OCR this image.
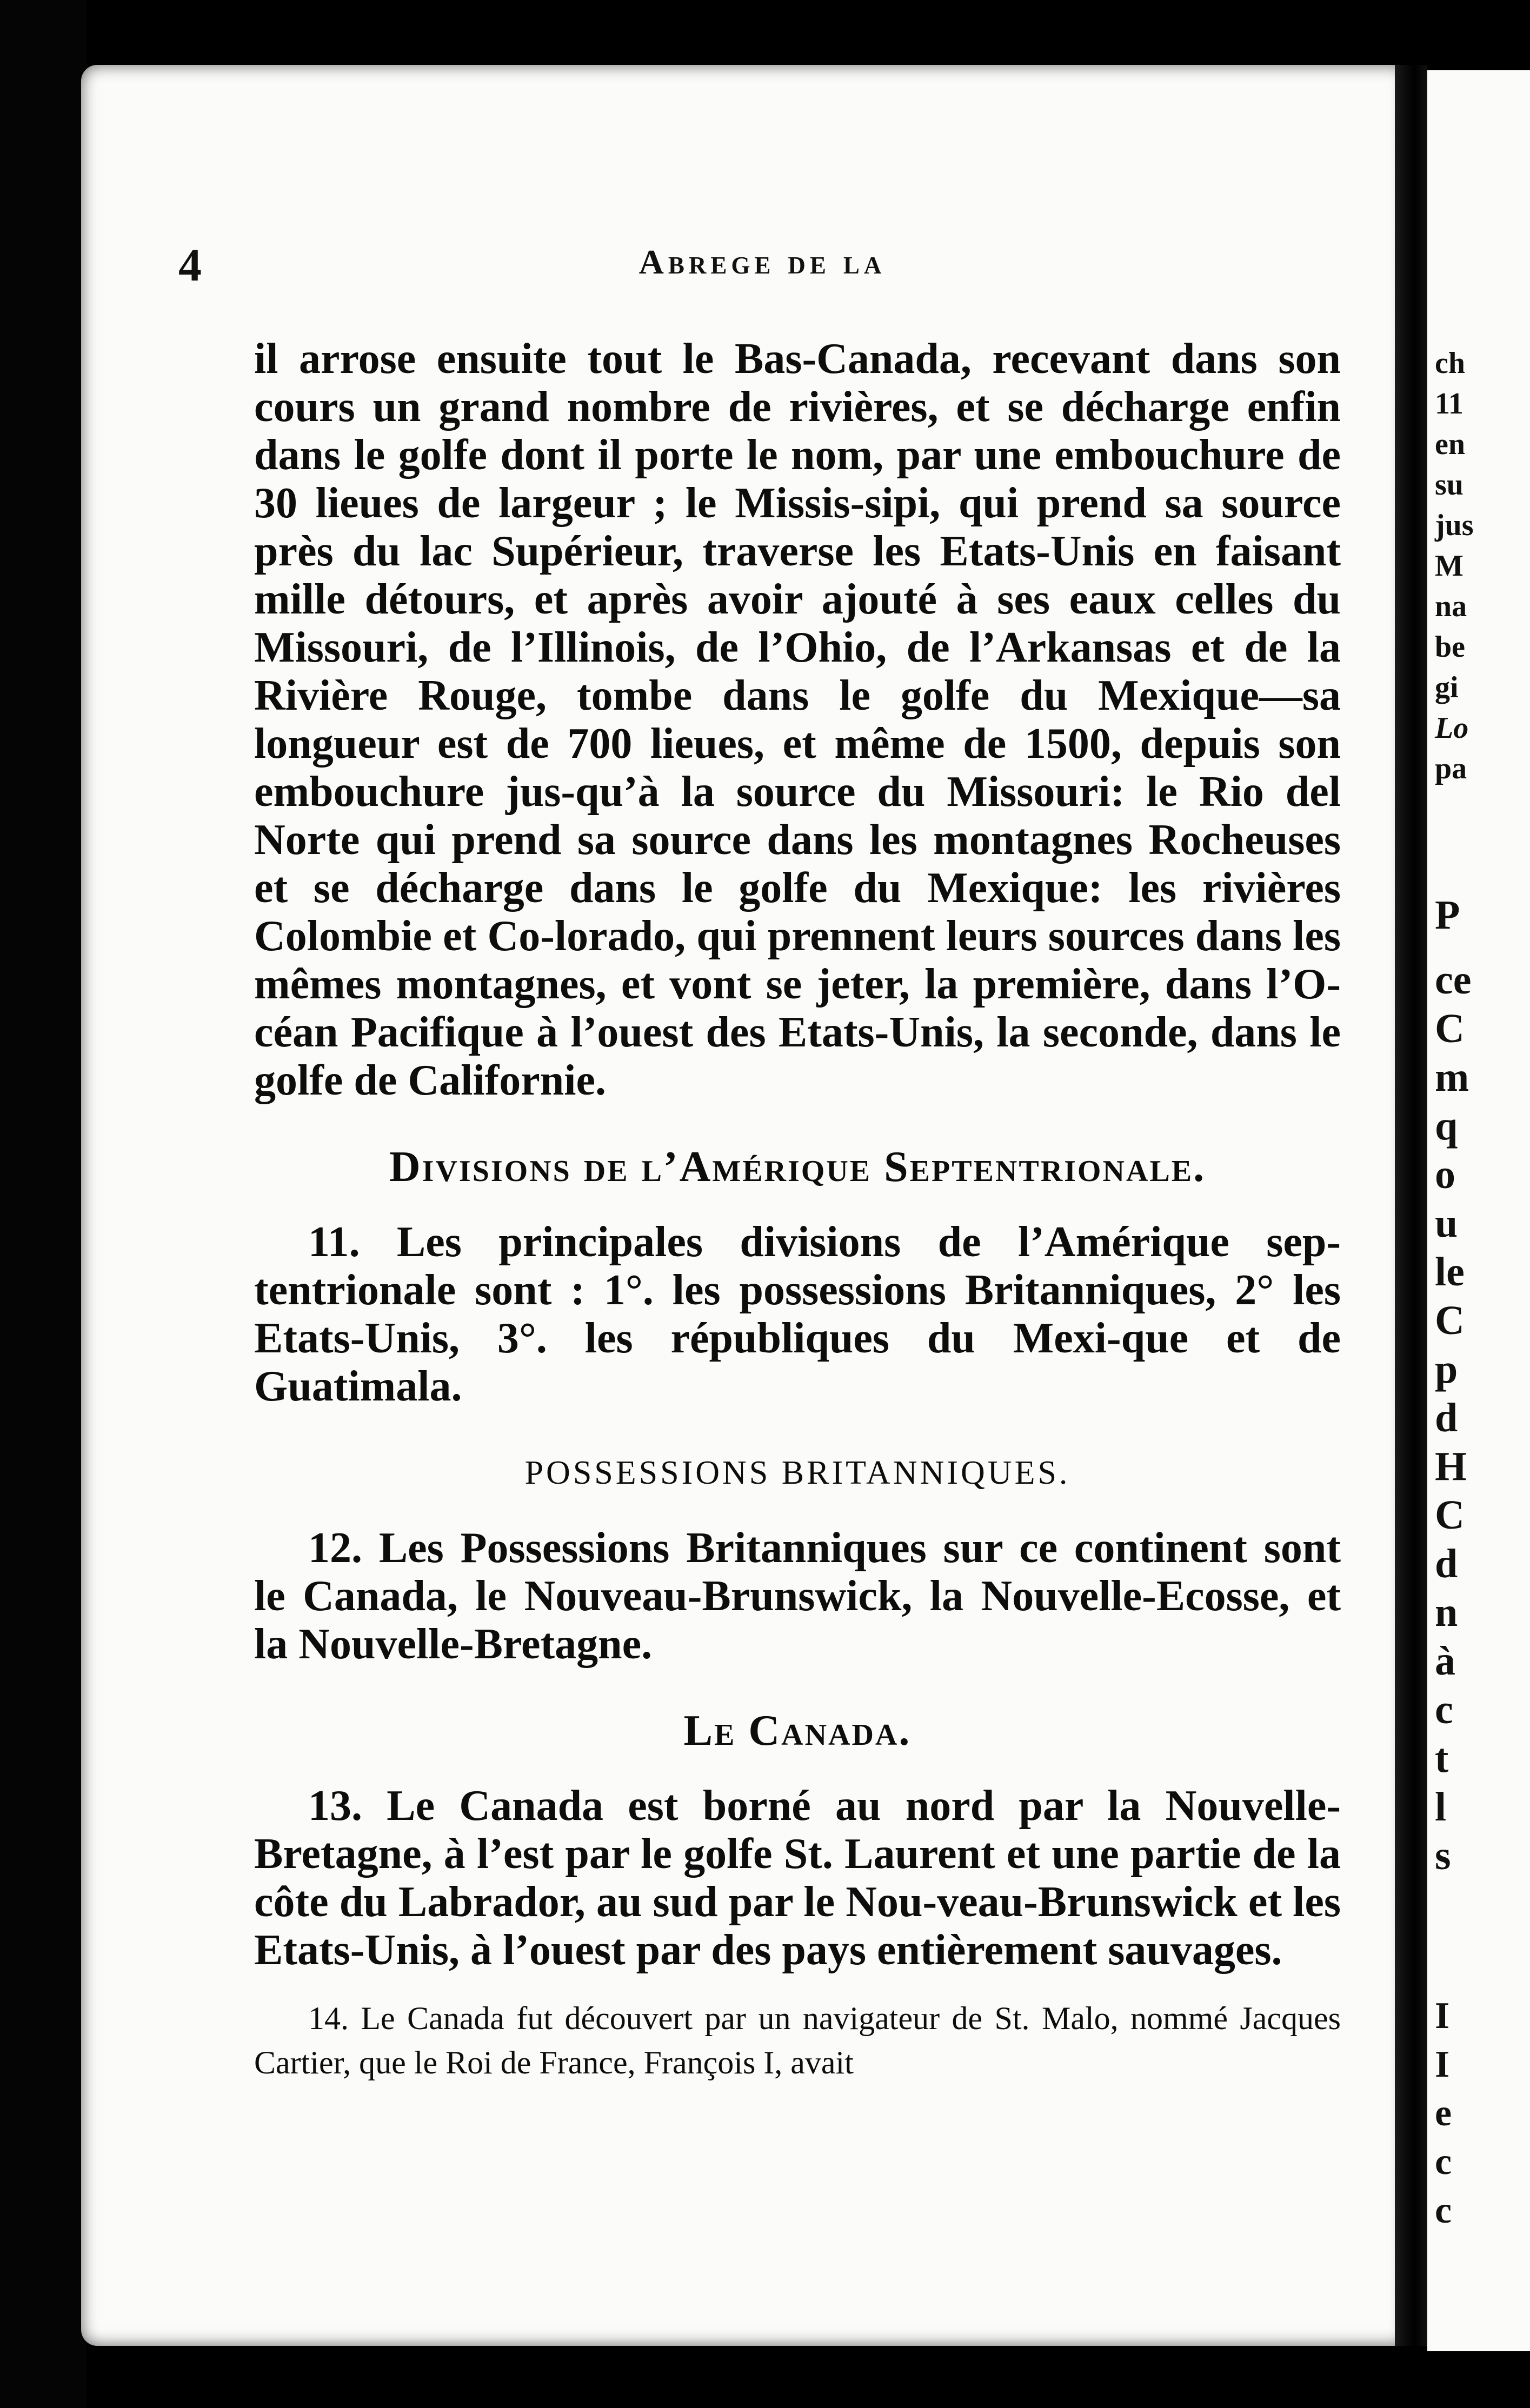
ch
11
en
su
jus
M
na
be
gi
Lo
pa
P
ce
C
m
q
o
u
le
C
p
d
H
C
d
n
à
c
t
l
s
I
I
e
c
c
4	Abrege de la

il arrose ensuite tout le Bas-Canada, recevant dans son cours un grand nombre de rivières, et se décharge enfin dans le golfe dont il porte le nom, par une embouchure de 30 lieues de largeur ; le Missis-sipi, qui prend sa source près du lac Supérieur, traverse les Etats-Unis en faisant mille détours, et après avoir ajouté à ses eaux celles du Missouri, de l’Illinois, de l’Ohio, de l’Arkansas et de la Rivière Rouge, tombe dans le golfe du Mexique—sa longueur est de 700 lieues, et même de 1500, depuis son embouchure jus-qu’à la source du Missouri: le Rio del Norte qui prend sa source dans les montagnes Rocheuses et se décharge dans le golfe du Mexique: les rivières Colombie et Co-lorado, qui prennent leurs sources dans les mêmes montagnes, et vont se jeter, la première, dans l’O-céan Pacifique à l’ouest des Etats-Unis, la seconde, dans le golfe de Californie.

Divisions de l’Amérique Septentrionale.

11. Les principales divisions de l’Amérique sep-tentrionale sont : 1°. les possessions Britanniques, 2° les Etats-Unis, 3°. les républiques du Mexi-que et de Guatimala.

POSSESSIONS BRITANNIQUES.

12. Les Possessions Britanniques sur ce continent sont le Canada, le Nouveau-Brunswick, la Nouvelle-Ecosse, et la Nouvelle-Bretagne.

Le Canada.

13. Le Canada est borné au nord par la Nouvelle-Bretagne, à l’est par le golfe St. Laurent et une partie de la côte du Labrador, au sud par le Nou-veau-Brunswick et les Etats-Unis, à l’ouest par des pays entièrement sauvages.

14. Le Canada fut découvert par un navigateur de St. Malo, nommé Jacques Cartier, que le Roi de France, François I, avait
